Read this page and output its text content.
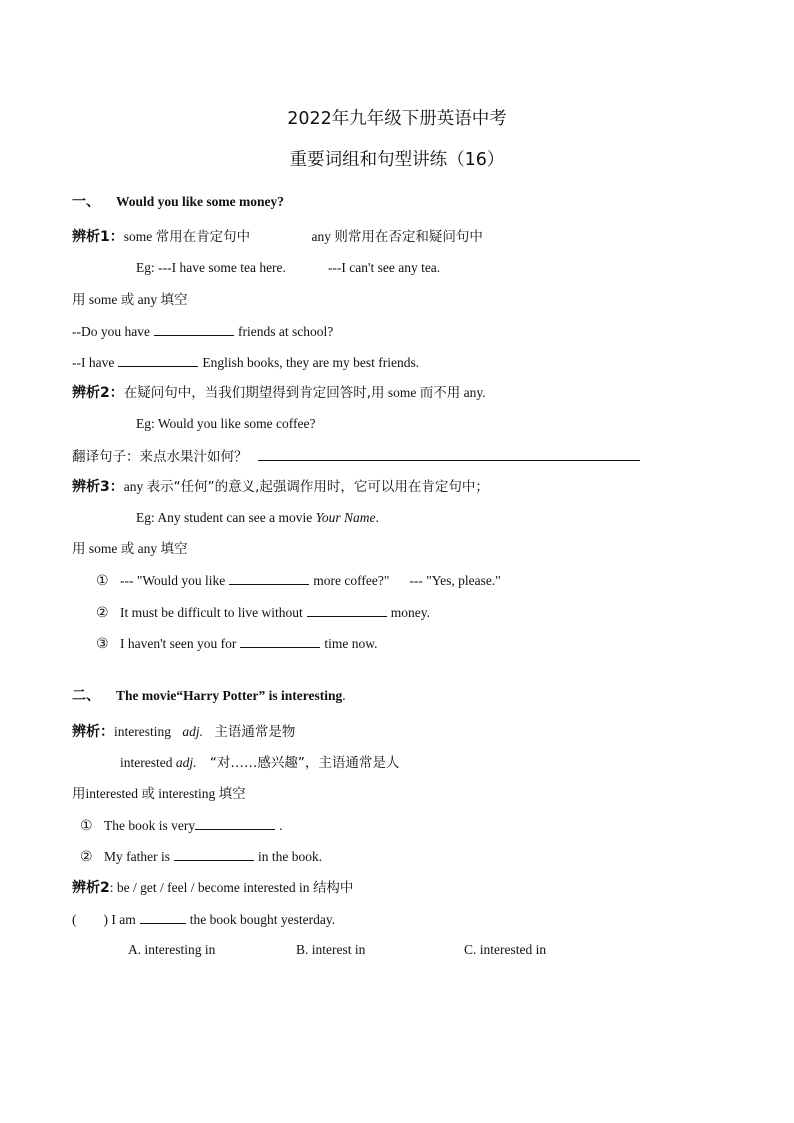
2022年九年级下册英语中考
重要词组和句型讲练（16）
一、 Would you like some money?
辨析1：some 常用在肯定句中	any 则常用在否定和疑问句中
Eg: ---I have some tea here.	---I can't see any tea.
用 some 或 any 填空
--Do you have	friends at school?
--I have	English books, they are my best friends.
辨析2：在疑问句中，当我们期望得到肯定回答时,用 some 而不用 any.
Eg: Would you like some coffee?
翻译句子：来点水果汁如何？
辨析3：any 表示“任何”的意义,起强调作用时，它可以用在肯定句中；
Eg: Any student can see a movie Your Name.
用 some 或 any 填空
① --- "Would you like	more coffee?" --- "Yes, please."
② It must be difficult to live without	money.
③ I haven't seen you for	time now.
二、 The movie“Harry Potter” is interesting.
辨析：interesting adj. 主语通常是物
interested adj. “对……感兴趣”，主语通常是人
用interested 或 interesting 填空
① The book is very	.
② My father is	in the book.
辨析2: be / get / feel / become interested in 结构中
(        ) I am	the book bought yesterday.
A. interesting in	B. interest in	C. interested in
